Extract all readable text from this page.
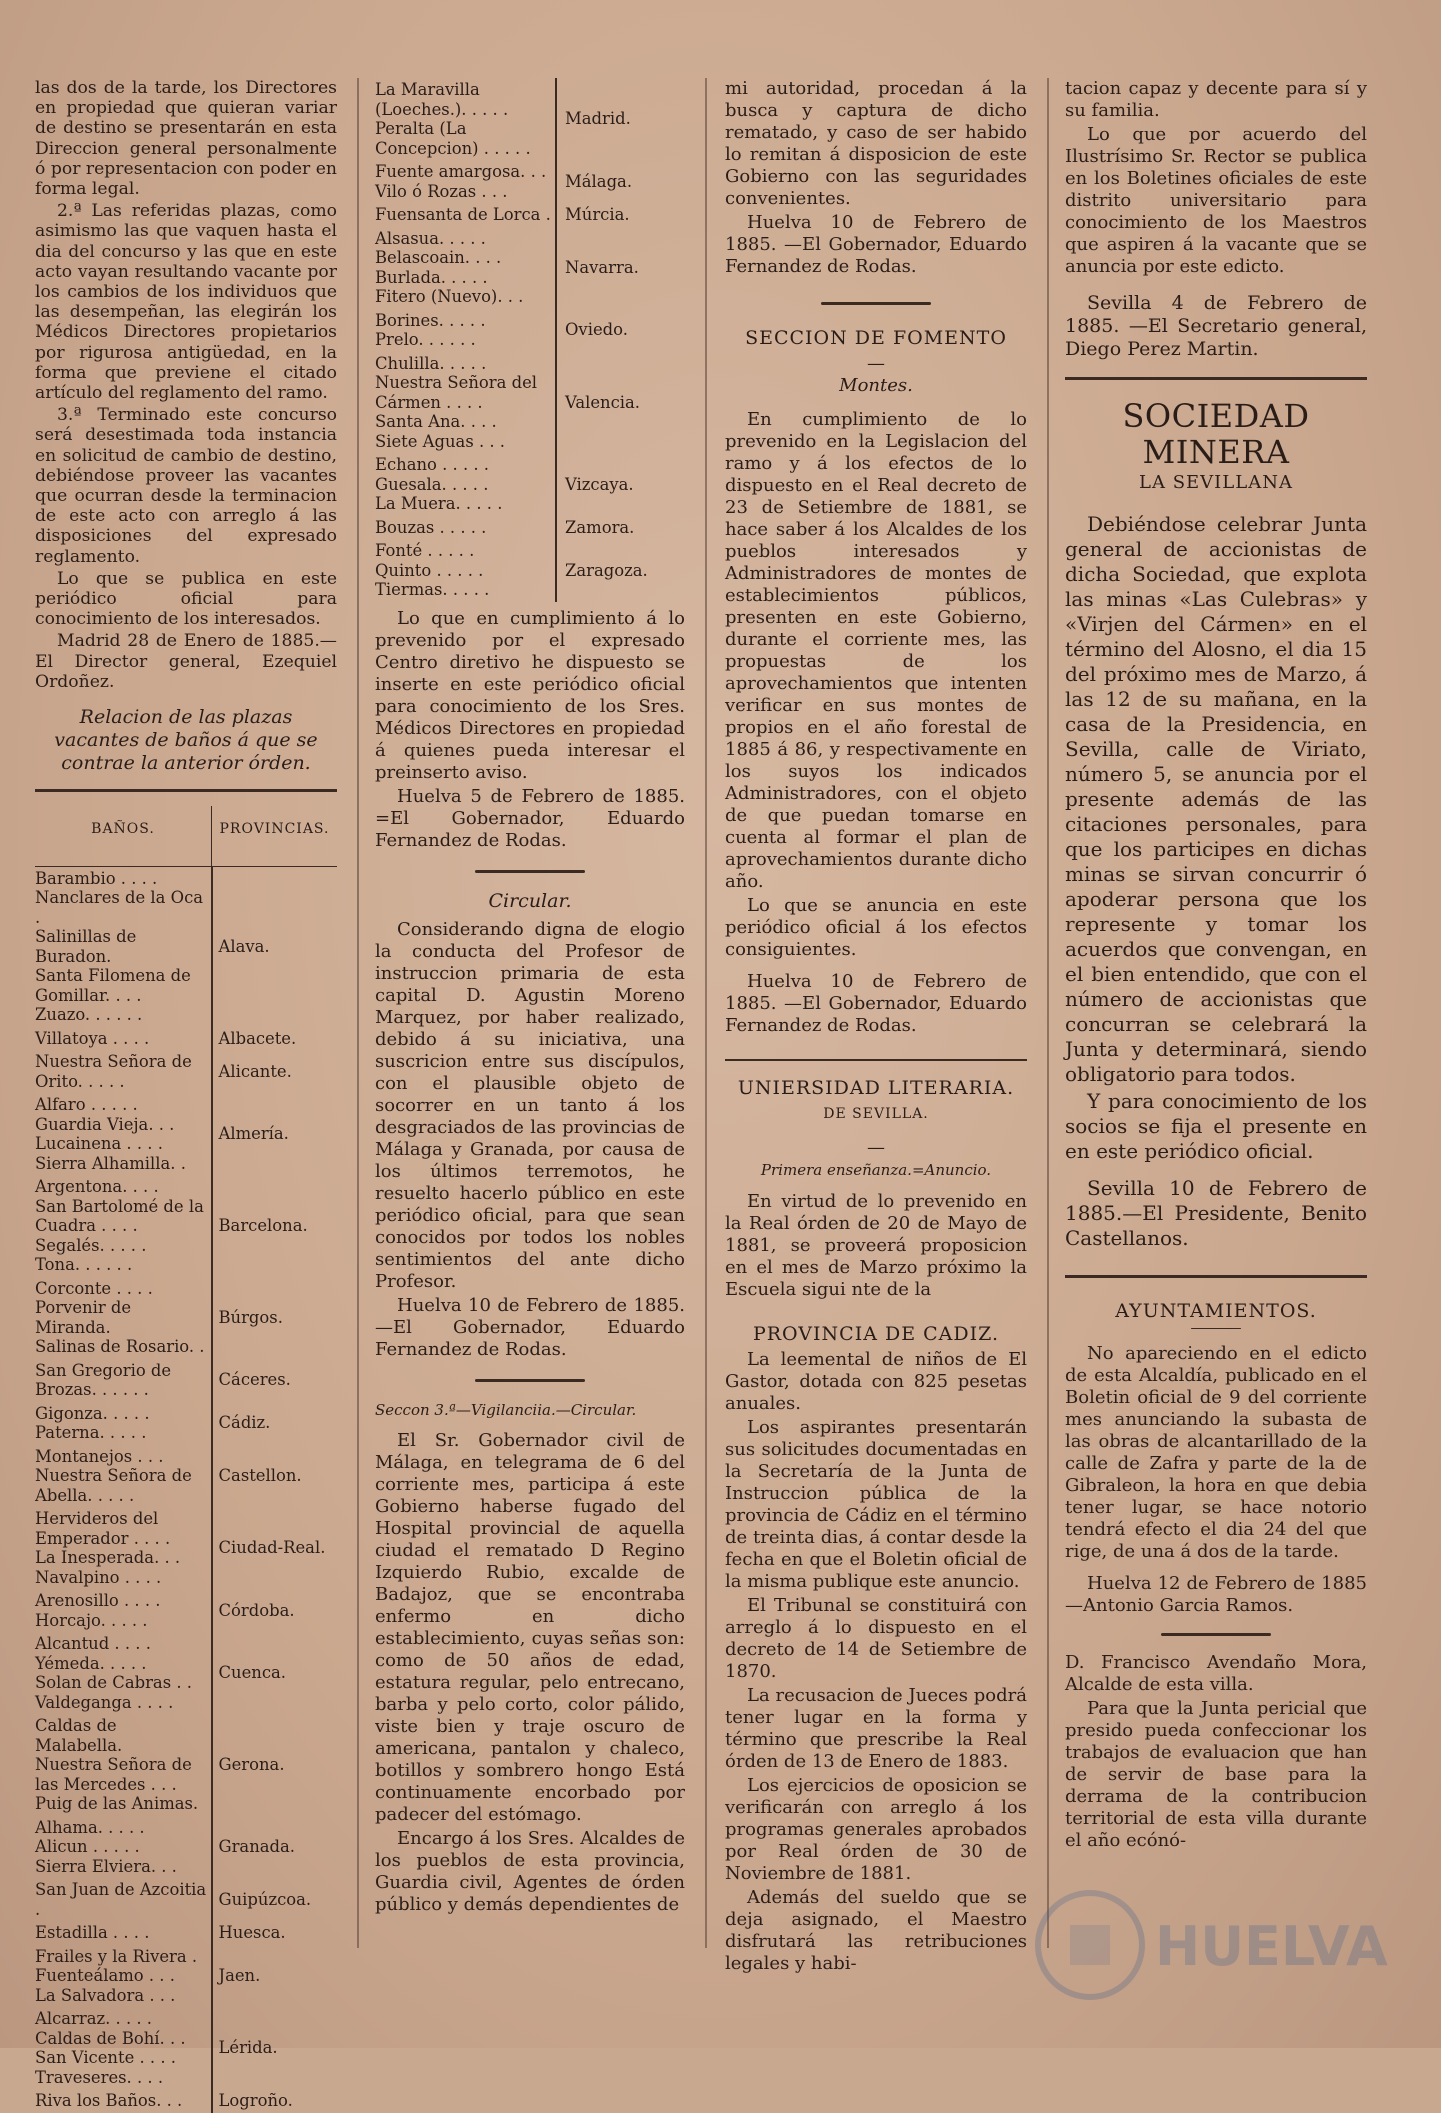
las dos de la tarde, los Directores en propiedad que quieran variar de destino se presentarán en esta Direccion general personalmente ó por representacion con poder en forma legal.

2.ª Las referidas plazas, como asimismo las que vaquen hasta el dia del concurso y las que en este acto vayan resultando vacante por los cambios de los individuos que las desempeñan, las elegirán los Médicos Directores propietarios por rigurosa antigüedad, en la forma que previene el citado artículo del reglamento del ramo.

3.ª Terminado este concurso será desestimada toda instancia en solicitud de cambio de destino, debiéndose proveer las vacantes que ocurran desde la terminacion de este acto con arreglo á las disposiciones del expresado reglamento.

Lo que se publica en este periódico oficial para conocimiento de los interesados.

Madrid 28 de Enero de 1885.—El Director general, Ezequiel Ordoñez.

Relacion de las plazas vacantes de baños á que se contrae la anterior órden.

BAÑOS.	PROVINCIAS.
Barambio . . . .
Nanclares de la Oca .
Salinillas de Buradon.
Santa Filomena de Gomillar. . . .
Zuazo. . . . . .	Alava.
Villatoya . . . .	Albacete.
Nuestra Señora de Orito. . . . .	Alicante.
Alfaro . . . . .
Guardia Vieja. . .
Lucainena . . . .
Sierra Alhamilla. .	Almería.
Argentona. . . .
San Bartolomé de la Cuadra . . . .
Segalés. . . . .
Tona. . . . . .	Barcelona.
Corconte . . . .
Porvenir de Miranda.
Salinas de Rosario. .	Búrgos.
San Gregorio de Brozas. . . . . .	Cáceres.
Gigonza. . . . .
Paterna. . . . .	Cádiz.
Montanejos . . .
Nuestra Señora de Abella. . . . .	Castellon.
Hervideros del Emperador . . . .
La Inesperada. . .
Navalpino . . . .	Ciudad-Real.
Arenosillo . . . .
Horcajo. . . . .	Córdoba.
Alcantud . . . .
Yémeda. . . . .
Solan de Cabras . .
Valdeganga . . . .	Cuenca.
Caldas de Malabella.
Nuestra Señora de las Mercedes . . .
Puig de las Animas.	Gerona.
Alhama. . . . .
Alicun . . . . .
Sierra Elviera. . .	Granada.
San Juan de Azcoitia .	Guipúzcoa.
Estadilla . . . .	Huesca.
Frailes y la Rivera .
Fuenteálamo . . .
La Salvadora . . .	Jaen.
Alcarraz. . . . .
Caldas de Bohí. . .
San Vicente . . . .
Traveseres. . . .	Lérida.
Riva los Baños. . .	Logroño.
La Maravilla (Loeches.). . . . .
Peralta (La Concepcion) . . . . .	Madrid.
Fuente amargosa. . .
Vilo ó Rozas . . .	Málaga.
Fuensanta de Lorca .	Múrcia.
Alsasua. . . . .
Belascoain. . . .
Burlada. . . . .
Fitero (Nuevo). . .	Navarra.
Borines. . . . .
Prelo. . . . . .	Oviedo.
Chulilla. . . . .
Nuestra Señora del Cármen . . . .
Santa Ana. . . .
Siete Aguas . . .	Valencia.
Echano . . . . .
Guesala. . . . .
La Muera. . . . .	Vizcaya.
Bouzas . . . . .	Zamora.
Fonté . . . . .
Quinto . . . . .
Tiermas. . . . .	Zaragoza.

Lo que en cumplimiento á lo prevenido por el expresado Centro diretivo he dispuesto se inserte en este periódico oficial para conocimiento de los Sres. Médicos Directores en propiedad á quienes pueda interesar el preinserto aviso.

Huelva 5 de Febrero de 1885. =El Gobernador, Eduardo Fernandez de Rodas.

Circular.

Considerando digna de elogio la conducta del Profesor de instruccion primaria de esta capital D. Agustin Moreno Marquez, por haber realizado, debido á su iniciativa, una suscricion entre sus discípulos, con el plausible objeto de socorrer en un tanto á los desgraciados de las provincias de Málaga y Granada, por causa de los últimos terremotos, he resuelto hacerlo público en este periódico oficial, para que sean conocidos por todos los nobles sentimientos del ante dicho Profesor.

Huelva 10 de Febrero de 1885. —El Gobernador, Eduardo Fernandez de Rodas.

Seccon 3.ª—Vigilanciia.—Circular.

El Sr. Gobernador civil de Málaga, en telegrama de 6 del corriente mes, participa á este Gobierno haberse fugado del Hospital provincial de aquella ciudad el rematado D Regino Izquierdo Rubio, excalde de Badajoz, que se encontraba enfermo en dicho establecimiento, cuyas señas son: como de 50 años de edad, estatura regular, pelo entrecano, barba y pelo corto, color pálido, viste bien y traje oscuro de americana, pantalon y chaleco, botillos y sombrero hongo Está continuamente encorbado por padecer del estómago.

Encargo á los Sres. Alcaldes de los pueblos de esta provincia, Guardia civil, Agentes de órden público y demás dependientes de

mi autoridad, procedan á la busca y captura de dicho rematado, y caso de ser habido lo remitan á disposicion de este Gobierno con las seguridades convenientes.

Huelva 10 de Febrero de 1885. —El Gobernador, Eduardo Fernandez de Rodas.

SECCION DE FOMENTO

—

Montes.

En cumplimiento de lo prevenido en la Legislacion del ramo y á los efectos de lo dispuesto en el Real decreto de 23 de Setiembre de 1881, se hace saber á los Alcaldes de los pueblos interesados y Administradores de montes de establecimientos públicos, presenten en este Gobierno, durante el corriente mes, las propuestas de los aprovechamientos que intenten verificar en sus montes de propios en el año forestal de 1885 á 86, y respectivamente en los suyos los indicados Administradores, con el objeto de que puedan tomarse en cuenta al formar el plan de aprovechamientos durante dicho año.

Lo que se anuncia en este periódico oficial á los efectos consiguientes.

Huelva 10 de Febrero de 1885. —El Gobernador, Eduardo Fernandez de Rodas.

UNIERSIDAD LITERARIA.

DE SEVILLA.

—

Primera enseñanza.=Anuncio.

En virtud de lo prevenido en la Real órden de 20 de Mayo de 1881, se proveerá proposicion en el mes de Marzo próximo la Escuela sigui nte de la

PROVINCIA DE CADIZ.

La leemental de niños de El Gastor, dotada con 825 pesetas anuales.

Los aspirantes presentarán sus solicitudes documentadas en la Secretaría de la Junta de Instruccion pública de la provincia de Cádiz en el término de treinta dias, á contar desde la fecha en que el Boletin oficial de la misma publique este anuncio.

El Tribunal se constituirá con arreglo á lo dispuesto en el decreto de 14 de Setiembre de 1870.

La recusacion de Jueces podrá tener lugar en la forma y término que prescribe la Real órden de 13 de Enero de 1883.

Los ejercicios de oposicion se verificarán con arreglo á los programas generales aprobados por Real órden de 30 de Noviembre de 1881.

Además del sueldo que se deja asignado, el Maestro disfrutará las retribuciones legales y habi-

tacion capaz y decente para sí y su familia.

Lo que por acuerdo del Ilustrísimo Sr. Rector se publica en los Boletines oficiales de este distrito universitario para conocimiento de los Maestros que aspiren á la vacante que se anuncia por este edicto.

Sevilla 4 de Febrero de 1885. —El Secretario general, Diego Perez Martin.

SOCIEDAD MINERA

LA SEVILLANA

Debiéndose celebrar Junta general de accionistas de dicha Sociedad, que explota las minas «Las Culebras» y «Virjen del Cármen» en el término del Alosno, el dia 15 del próximo mes de Marzo, á las 12 de su mañana, en la casa de la Presidencia, en Sevilla, calle de Viriato, número 5, se anuncia por el presente además de las citaciones personales, para que los participes en dichas minas se sirvan concurrir ó apoderar persona que los represente y tomar los acuerdos que convengan, en el bien entendido, que con el número de accionistas que concurran se celebrará la Junta y determinará, siendo obligatorio para todos.

Y para conocimiento de los socios se fija el presente en en este periódico oficial.

Sevilla 10 de Febrero de 1885.—El Presidente, Benito Castellanos.

AYUNTAMIENTOS.

No apareciendo en el edicto de esta Alcaldía, publicado en el Boletin oficial de 9 del corriente mes anunciando la subasta de las obras de alcantarillado de la calle de Zafra y parte de la de Gibraleon, la hora en que debia tener lugar, se hace notorio tendrá efecto el dia 24 del que rige, de una á dos de la tarde.

Huelva 12 de Febrero de 1885 —Antonio Garcia Ramos.

D. Francisco Avendaño Mora, Alcalde de esta villa.

Para que la Junta pericial que presido pueda confeccionar los trabajos de evaluacion que han de servir de base para la derrama de la contribucion territorial de esta villa durante el año ecónó-

HUELVA
